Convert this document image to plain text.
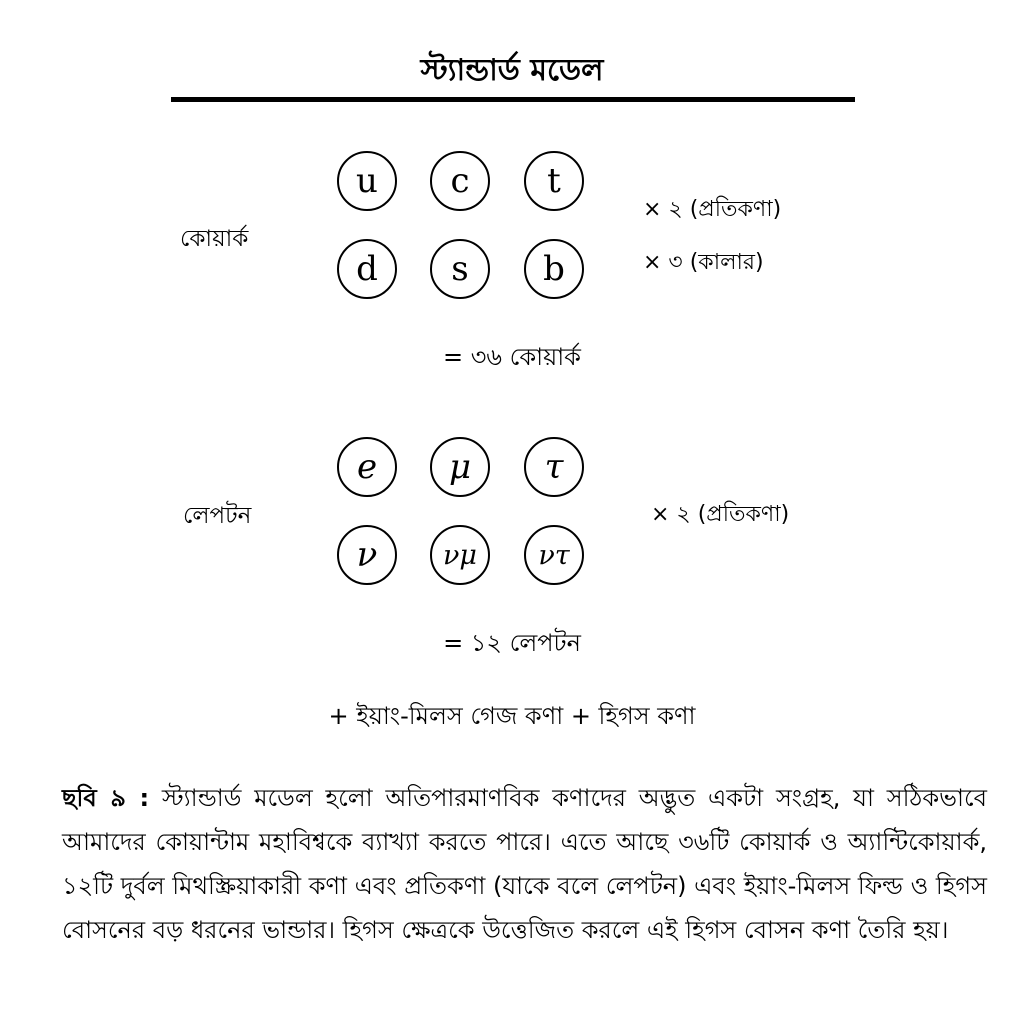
স্ট্যান্ডার্ড মডেল
কোয়ার্ক
u	c	t
d	s	b
× ২ (প্রতিকণা)
× ৩ (কালার)
= ৩৬ কোয়ার্ক
লেপটন
e	μ	τ
ν	νμ	ντ
× ২ (প্রতিকণা)
= ১২ লেপটন
+ ইয়াং-মিলস গেজ কণা + হিগস কণা
ছবি ৯ : স্ট্যান্ডার্ড মডেল হলো অতিপারমাণবিক কণাদের অদ্ভুত একটা সংগ্রহ, যা সঠিকভাবে আমাদের কোয়ান্টাম মহাবিশ্বকে ব্যাখ্যা করতে পারে। এতে আছে ৩৬টি কোয়ার্ক ও অ্যান্টিকোয়ার্ক, ১২টি দুর্বল মিথস্ক্রিয়াকারী কণা এবং প্রতিকণা (যাকে বলে লেপটন) এবং ইয়াং-মিলস ফিল্ড ও হিগস বোসনের বড় ধরনের ভান্ডার। হিগস ক্ষেত্রকে উত্তেজিত করলে এই হিগস বোসন কণা তৈরি হয়।
